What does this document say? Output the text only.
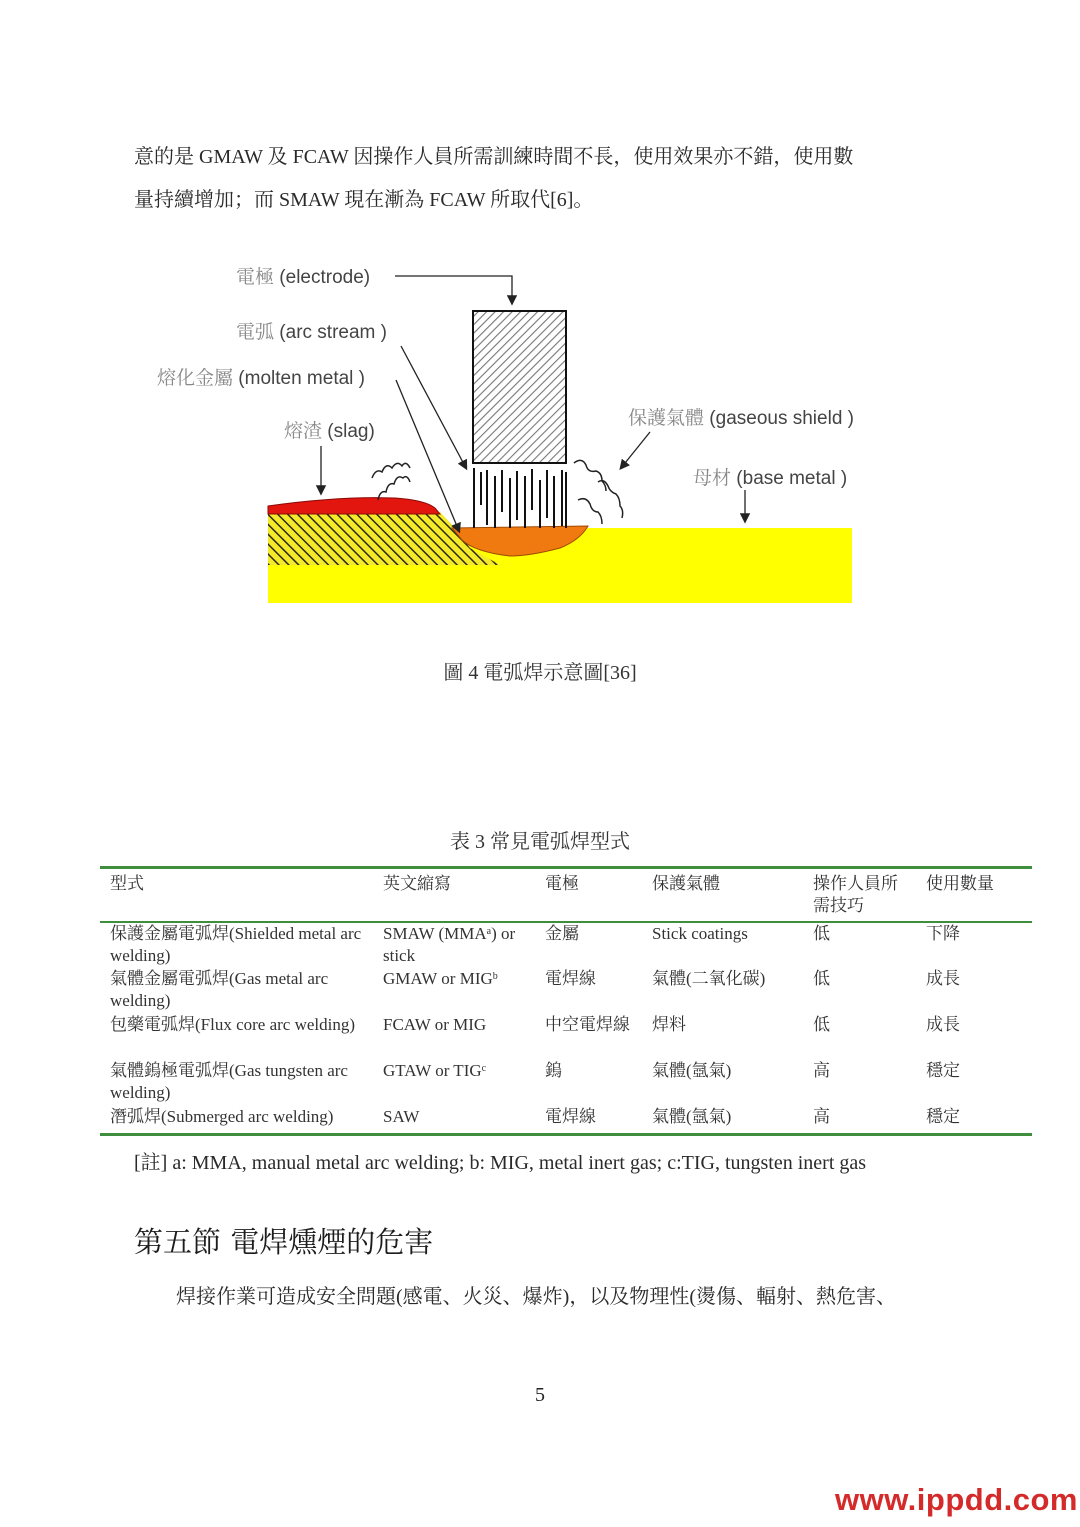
意的是 GMAW 及 FCAW 因操作人員所需訓練時間不長，使用效果亦不錯，使用數
量持續增加；而 SMAW 現在漸為 FCAW 所取代[6]。
電極 (electrode)
電弧 (arc stream )
熔化金屬 (molten metal )
熔渣 (slag)
保護氣體 (gaseous shield )
母材 (base metal )
圖 4 電弧焊示意圖[36]
表 3 常見電弧焊型式
型式	英文縮寫	電極	保護氣體	操作人員所需技巧	使用數量
保護金屬電弧焊(Shielded metal arc welding)	SMAW (MMA$^a$) or stick	金屬	Stick coatings	低	下降
氣體金屬電弧焊(Gas metal arc welding)	GMAW or MIG$^b$	電焊線	氣體(二氧化碳)	低	成長
包藥電弧焊(Flux core arc welding)	FCAW or MIG	中空電焊線	焊料	低	成長
氣體鎢極電弧焊(Gas tungsten arc welding)	GTAW or TIG$^c$	鎢	氣體(氬氣)	高	穩定
潛弧焊(Submerged arc welding)	SAW	電焊線	氣體(氬氣)	高	穩定
[註] a: MMA, manual metal arc welding; b: MIG, metal inert gas; c:TIG, tungsten inert gas
第五節 電焊燻煙的危害
焊接作業可造成安全問題(感電、火災、爆炸)，以及物理性(燙傷、輻射、熱危害、
5
www.ippdd.com
